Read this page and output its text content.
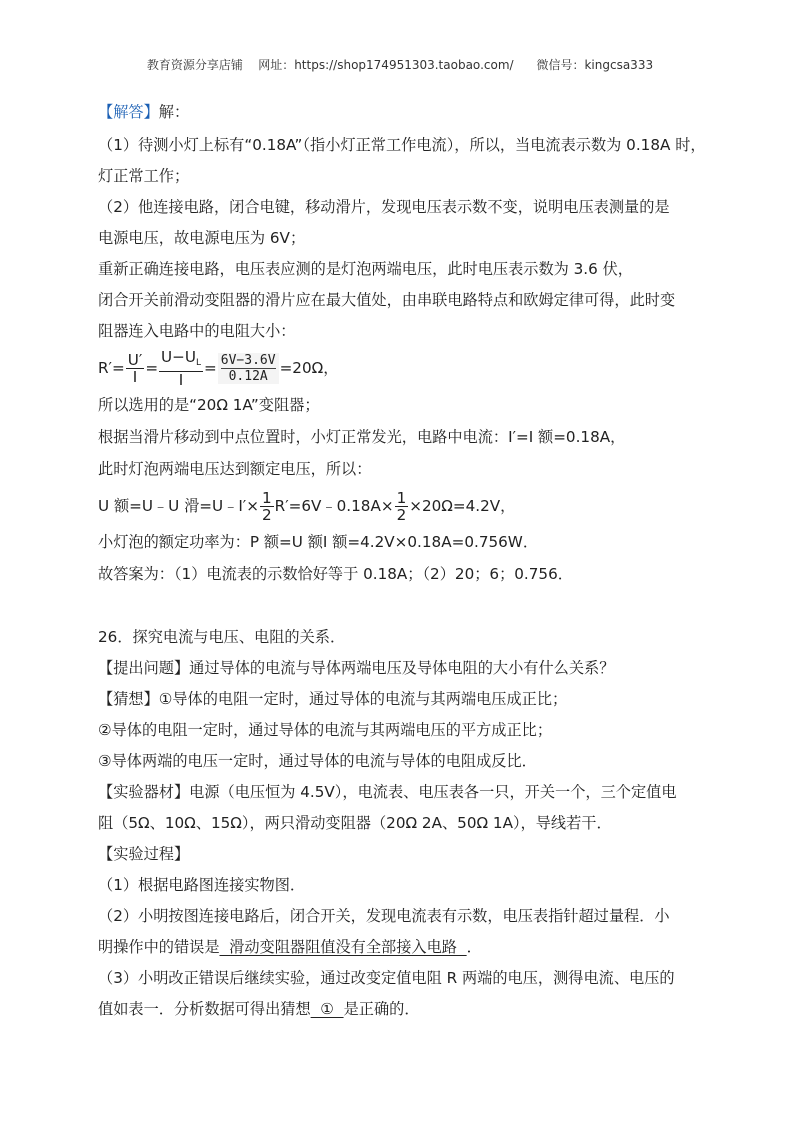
教育资源分享店铺 网址：https://shop174951303.taobao.com/ 微信号：kingcsa333
【解答】解：
（1）待测小灯上标有“0.18A”（指小灯正常工作电流），所以，当电流表示数为 0.18A 时，
灯正常工作；
（2）他连接电路，闭合电键，移动滑片，发现电压表示数不变，说明电压表测量的是
电源电压，故电源电压为 6V；
重新正确连接电路，电压表应测的是灯泡两端电压，此时电压表示数为 3.6 伏，
闭合开关前滑动变阻器的滑片应在最大值处，由串联电路特点和欧姆定律可得，此时变
阻器连入电路中的电阻大小：
$R'= \frac{U'}{I} = \frac{U-U_L}{I} = \frac{6V-3.6V}{0.12A} =20\Omega$，
所以选用的是“20Ω 1A”变阻器；
根据当滑片移动到中点位置时，小灯正常发光，电路中电流：I′=I 额=0.18A，
此时灯泡两端电压达到额定电压，所以：
U 额=U﹣U 滑=U﹣I′× $\frac{1}{2}$ R′=6V﹣0.18A× $\frac{1}{2} \times 20\Omega=4.2V$，
小灯泡的额定功率为：P 额=U 额I 额=4.2V×0.18A=0.756W．
故答案为：（1）电流表的示数恰好等于 0.18A；（2）20；6；0.756．
26．探究电流与电压、电阻的关系．
【提出问题】通过导体的电流与导体两端电压及导体电阻的大小有什么关系？
【猜想】①导体的电阻一定时，通过导体的电流与其两端电压成正比；
②导体的电阻一定时，通过导体的电流与其两端电压的平方成正比；
③导体两端的电压一定时，通过导体的电流与导体的电阻成反比．
【实验器材】电源（电压恒为 4.5V），电流表、电压表各一只，开关一个，三个定值电
阻（5Ω、10Ω、15Ω），两只滑动变阻器（20Ω 2A、50Ω 1A），导线若干．
【实验过程】
（1）根据电路图连接实物图．
（2）小明按图连接电路后，闭合开关，发现电流表有示数，电压表指针超过量程．小
明操作中的错误是  滑动变阻器阻值没有全部接入电路  ．
（3）小明改正错误后继续实验，通过改变定值电阻 R 两端的电压，测得电流、电压的
值如表一．分析数据可得出猜想  ①  是正确的．
